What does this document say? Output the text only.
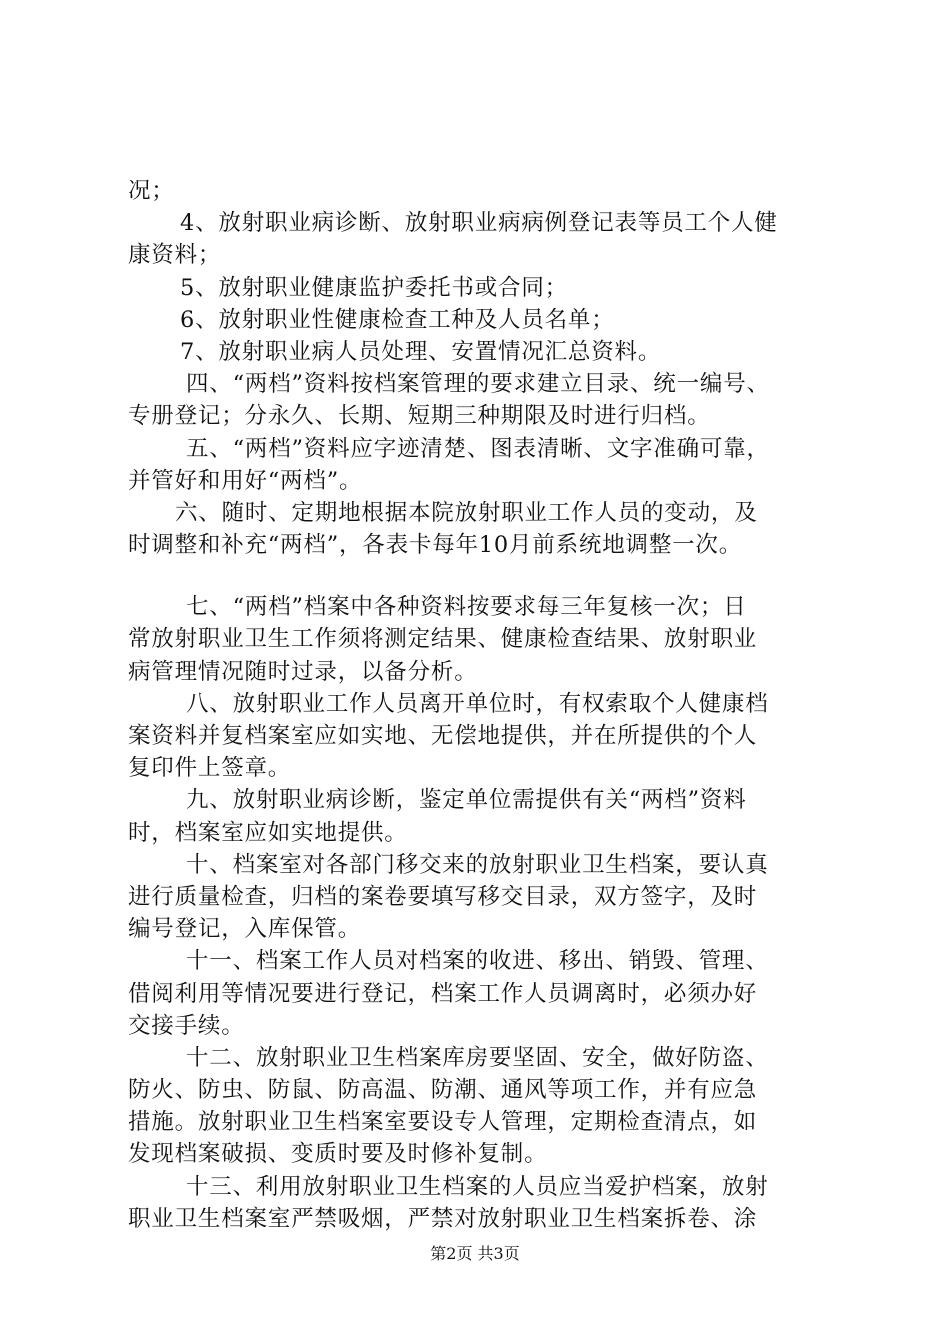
况；
4、放射职业病诊断、放射职业病病例登记表等员工个人健
康资料；
5、放射职业健康监护委托书或合同；
6、放射职业性健康检查工种及人员名单；
7、放射职业病人员处理、安置情况汇总资料。
四、“两档”资料按档案管理的要求建立目录、统一编号、
专册登记；分永久、长期、短期三种期限及时进行归档。
五、“两档”资料应字迹清楚、图表清晰、文字准确可靠，
并管好和用好“两档”。
六、随时、定期地根据本院放射职业工作人员的变动，及
时调整和补充“两档”，各表卡每年10月前系统地调整一次。
七、“两档”档案中各种资料按要求每三年复核一次；日
常放射职业卫生工作须将测定结果、健康检查结果、放射职业
病管理情况随时过录，以备分析。
八、放射职业工作人员离开单位时，有权索取个人健康档
案资料并复档案室应如实地、无偿地提供，并在所提供的个人
复印件上签章。
九、放射职业病诊断，鉴定单位需提供有关“两档”资料
时，档案室应如实地提供。
十、档案室对各部门移交来的放射职业卫生档案，要认真
进行质量检查，归档的案卷要填写移交目录，双方签字，及时
编号登记，入库保管。
十一、档案工作人员对档案的收进、移出、销毁、管理、
借阅利用等情况要进行登记，档案工作人员调离时，必须办好
交接手续。
十二、放射职业卫生档案库房要坚固、安全，做好防盗、
防火、防虫、防鼠、防高温、防潮、通风等项工作，并有应急
措施。放射职业卫生档案室要设专人管理，定期检查清点，如
发现档案破损、变质时要及时修补复制。
十三、利用放射职业卫生档案的人员应当爱护档案，放射
职业卫生档案室严禁吸烟，严禁对放射职业卫生档案拆卷、涂
第2页 共3页
